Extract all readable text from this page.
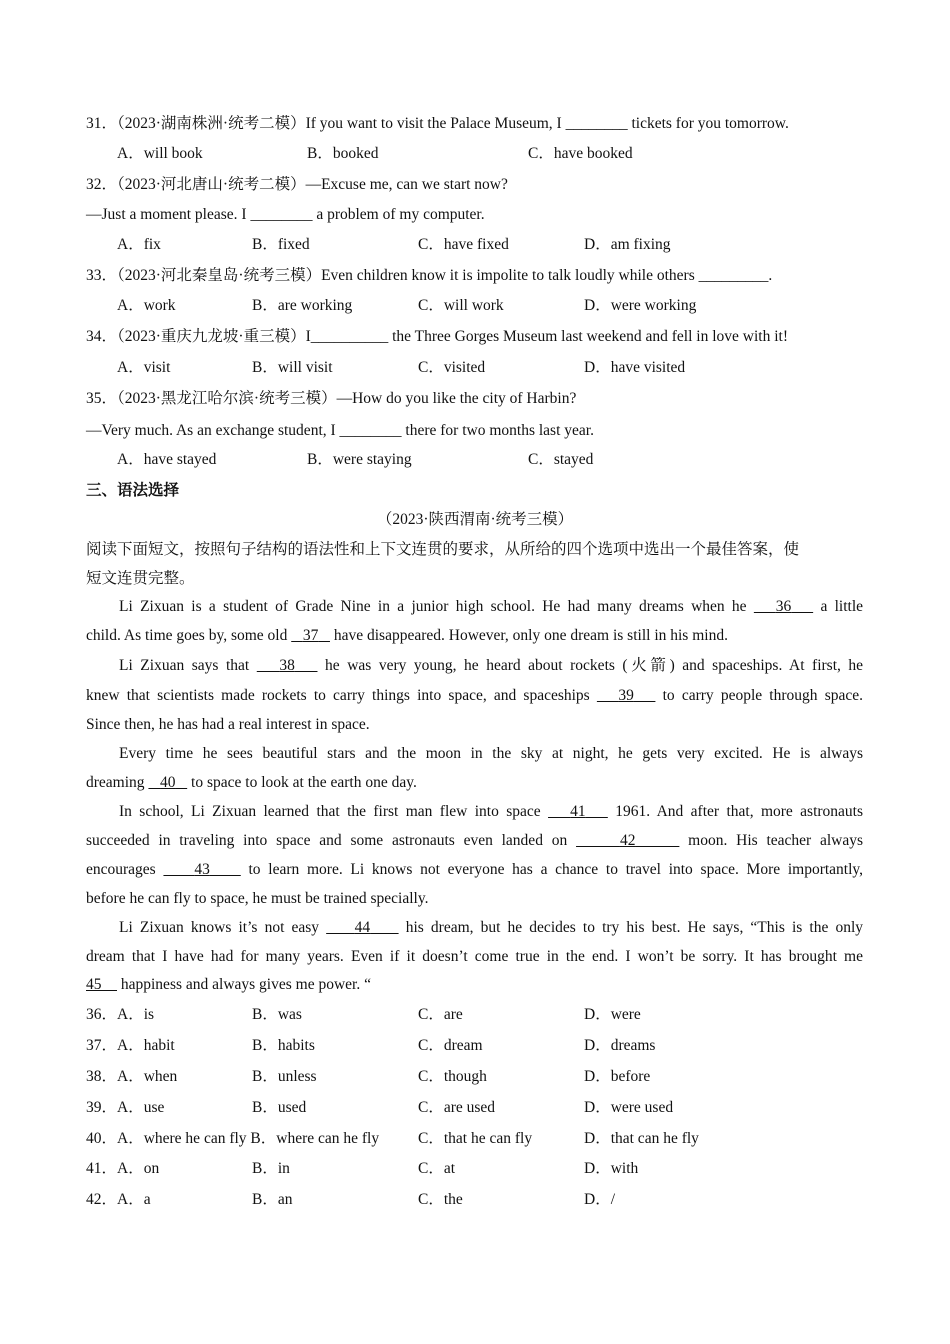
31．（2023·湖南株洲·统考二模）If you want to visit the Palace Museum, I ________ tickets for you tomorrow.
A．will book	B．booked	C．have booked
32．（2023·河北唐山·统考二模）—Excuse me, can we start now?
—Just a moment please. I ________ a problem of my computer.
A．fix	B．fixed	C．have fixed	D．am fixing
33．（2023·河北秦皇岛·统考三模）Even children know it is impolite to talk loudly while others _________.
A．work	B．are working	C．will work	D．were working
34．（2023·重庆九龙坡·重三模）I__________ the Three Gorges Museum last weekend and fell in love with it!
A．visit	B．will visit	C．visited	D．have visited
35．（2023·黑龙江哈尔滨·统考三模）—How do you like the city of Harbin?
—Very much. As an exchange student, I ________ there for two months last year.
A．have stayed	B．were staying	C．stayed
三、语法选择
（2023·陕西渭南·统考三模）
阅读下面短文，按照句子结构的语法性和上下文连贯的要求，从所给的四个选项中选出一个最佳答案，使
短文连贯完整。
Li Zixuan is a student of Grade Nine in a junior high school. He had many dreams when he 36 a little
child. As time goes by, some old 37 have disappeared. However, only one dream is still in his mind.
Li Zixuan says that 38 he was very young, he heard about rockets (火箭) and spaceships. At first, he
knew that scientists made rockets to carry things into space, and spaceships 39 to carry people through space.
Since then, he has had a real interest in space.
Every time he sees beautiful stars and the moon in the sky at night, he gets very excited. He is always
dreaming 40 to space to look at the earth one day.
In school, Li Zixuan learned that the first man flew into space 41 1961. And after that, more astronauts
succeeded in traveling into space and some astronauts even landed on	42	moon. His teacher always
encourages 43 to learn more. Li knows not everyone has a chance to travel into space. More importantly,
before he can fly to space, he must be trained specially.
Li Zixuan knows it’s not easy 44 his dream, but he decides to try his best. He says, “This is the only
dream that I have had for many years. Even if it doesn’t come true in the end. I won’t be sorry. It has brought me
45 happiness and always gives me power. “
36．A．is	B．was	C．are	D．were
37．A．habit	B．habits	C．dream	D．dreams
38．A．when	B．unless	C．though	D．before
39．A．use	B．used	C．are used	D．were used
40．A．where he can fly B．where can he fly	C．that he can fly	D．that can he fly
41．A．on	B．in	C．at	D．with
42．A．a	B．an	C．the	D．/
